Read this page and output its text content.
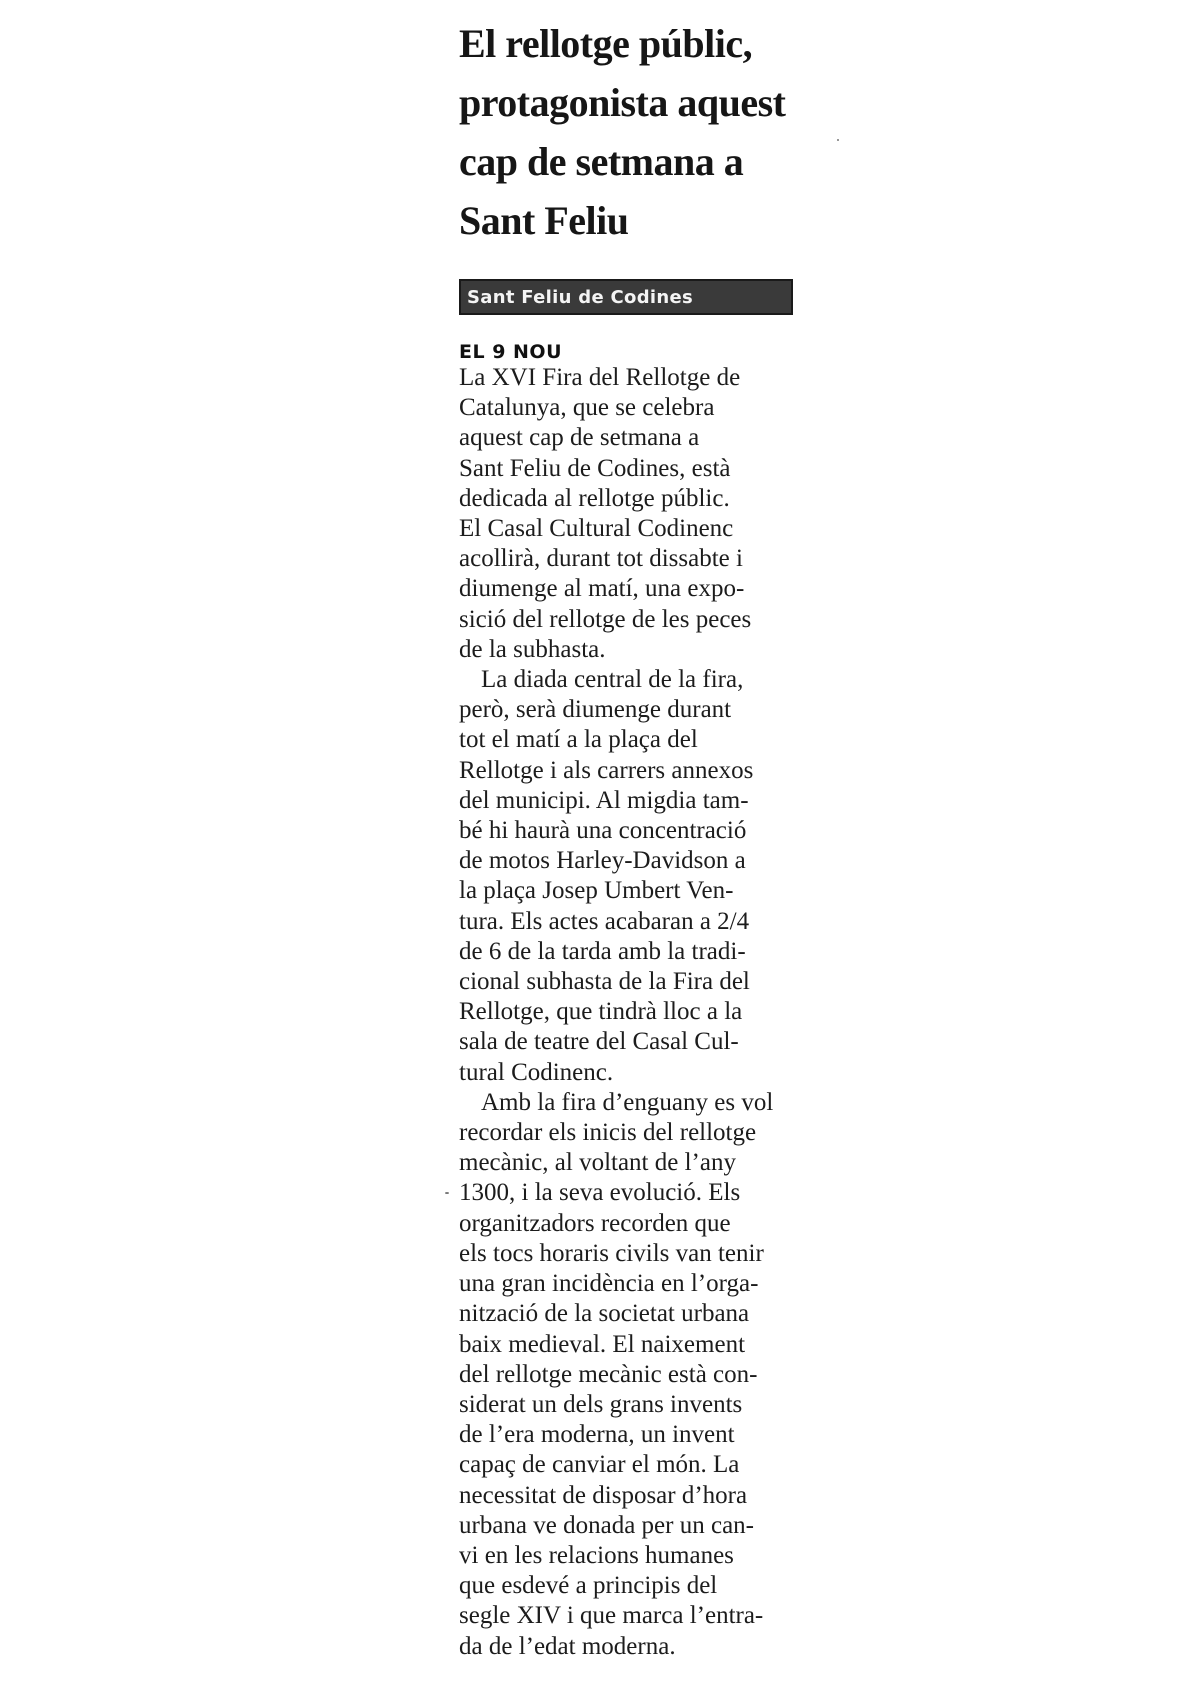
El rellotge públic,
protagonista aquest
cap de setmana a
Sant Feliu
Sant Feliu de Codines
EL 9 NOU

La XVI Fira del Rellotge de
Catalunya, que se celebra
aquest cap de setmana a
Sant Feliu de Codines, està
dedicada al rellotge públic.
El Casal Cultural Codinenc
acollirà, durant tot dissabte i
diumenge al matí, una expo-
sició del rellotge de les peces
de la subhasta.

La diada central de la fira,
però, serà diumenge durant
tot el matí a la plaça del
Rellotge i als carrers annexos
del municipi. Al migdia tam-
bé hi haurà una concentració
de motos Harley-Davidson a
la plaça Josep Umbert Ven-
tura. Els actes acabaran a 2/4
de 6 de la tarda amb la tradi-
cional subhasta de la Fira del
Rellotge, que tindrà lloc a la
sala de teatre del Casal Cul-
tural Codinenc.

Amb la fira d’enguany es vol
recordar els inicis del rellotge
mecànic, al voltant de l’any
1300, i la seva evolució. Els
organitzadors recorden que
els tocs horaris civils van tenir
una gran incidència en l’orga-
nització de la societat urbana
baix medieval. El naixement
del rellotge mecànic està con-
siderat un dels grans invents
de l’era moderna, un invent
capaç de canviar el món. La
necessitat de disposar d’hora
urbana ve donada per un can-
vi en les relacions humanes
que esdevé a principis del
segle XIV i que marca l’entra-
da de l’edat moderna.
